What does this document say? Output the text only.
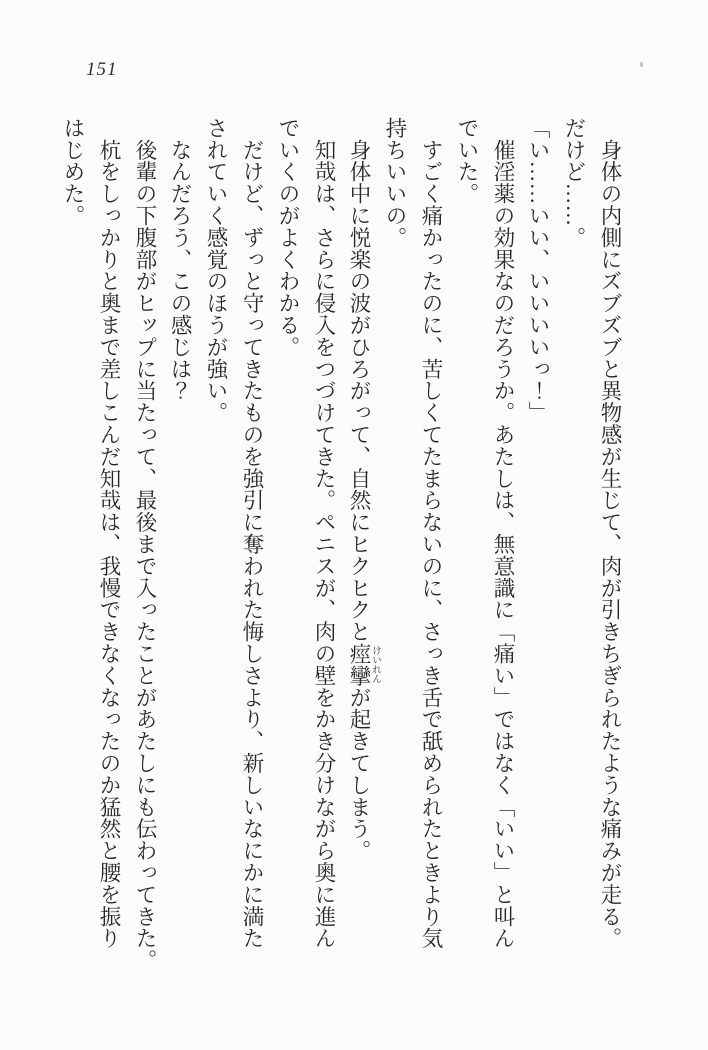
151
　身体の内側にズブズブと異物感が生じて、肉が引きちぎられたような痛みが走る。
だけど……。
「い……いい、いいいいっ！」
　催淫薬の効果なのだろうか。あたしは、無意識に「痛い」ではなく「いい」と叫ん
でいた。
　すごく痛かったのに、苦しくてたまらないのに、さっき舌で舐められたときより気
持ちいいの。
　身体中に悦楽の波がひろがって、自然にヒクヒクと痙攣 けいれんが起きてしまう。
　知哉は、さらに侵入をつづけてきた。ペニスが、肉の壁をかき分けながら奥に進ん
でいくのがよくわかる。
　だけど、ずっと守ってきたものを強引に奪われた悔しさより、新しいなにかに満た
されていく感覚のほうが強い。
　なんだろう、この感じは？
　後輩の下腹部がヒップに当たって、最後まで入ったことがあたしにも伝わってきた。
　杭をしっかりと奥まで差しこんだ知哉は、我慢できなくなったのか猛然と腰を振り
はじめた。
